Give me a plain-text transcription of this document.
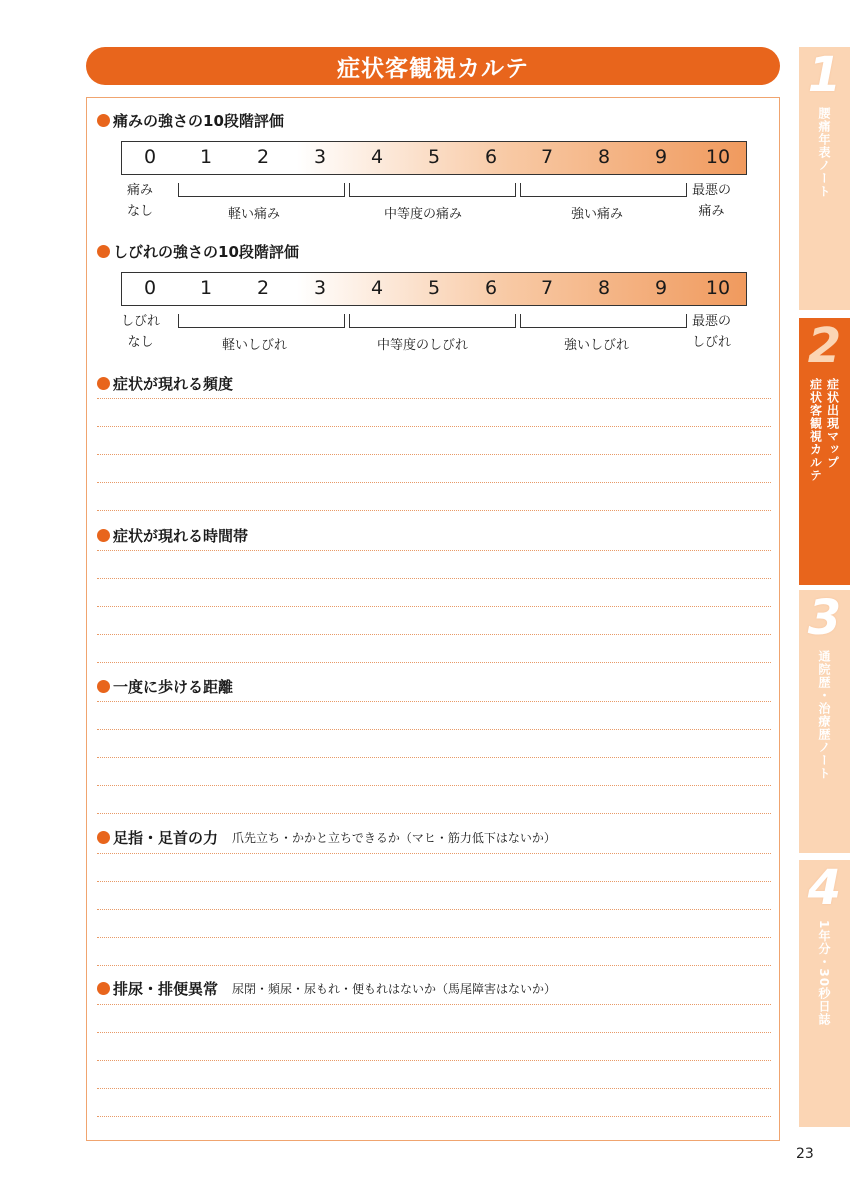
症状客観視カルテ
痛みの強さの10段階評価
0	1	2	3	4	5	6	7	8	9	10
痛み
なし	軽い痛み	中等度の痛み	強い痛み
最悪の
痛み
しびれの強さの10段階評価
0	1	2	3	4	5	6	7	8	9	10
しびれ
なし	軽いしびれ	中等度のしびれ	強いしびれ
最悪の
しびれ
症状が現れる頻度
症状が現れる時間帯
一度に歩ける距離
足指・足首の力 爪先立ち・かかと立ちできるか（マヒ・筋力低下はないか）
排尿・排便異常 尿閉・頻尿・尿もれ・便もれはないか（馬尾障害はないか）
1
腰痛年表ノート
2
症状出現マップ
症状客観視カルテ
3
通院歴・治療歴ノート
4
1年分・30秒日誌
23
